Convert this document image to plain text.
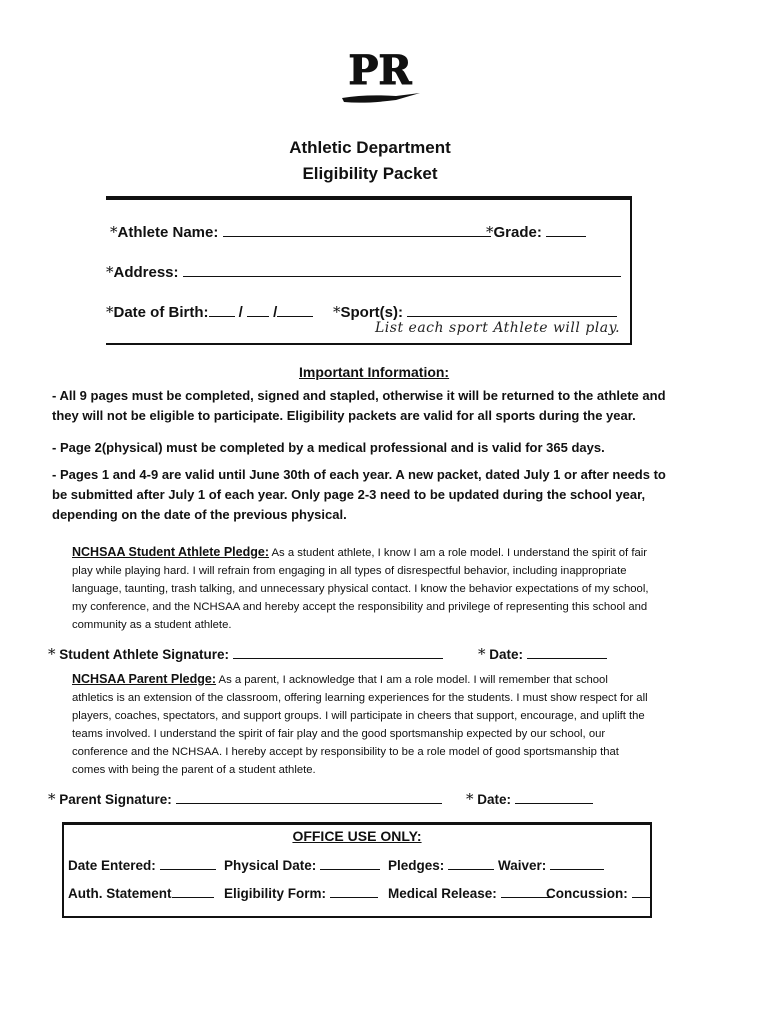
PR
Athletic Department
Eligibility Packet
*Athlete Name:	*Grade:
*Address:
*Date of Birth: /  /	*Sport(s):
List each sport Athlete will play.
Important Information:
- All 9 pages must be completed, signed and stapled, otherwise it will be returned to the athlete and they will not be eligible to participate. Eligibility packets are valid for all sports during the year.
- Page 2(physical) must be completed by a medical professional and is valid for 365 days.
- Pages 1 and 4-9 are valid until June 30th of each year. A new packet, dated July 1 or after needs to be submitted after July 1 of each year. Only page 2-3 need to be updated during the school year, depending on the date of the previous physical.
NCHSAA Student Athlete Pledge: As a student athlete, I know I am a role model. I understand the spirit of fair play while playing hard. I will refrain from engaging in all types of disrespectful behavior, including inappropriate language, taunting, trash talking, and unnecessary physical contact. I know the behavior expectations of my school, my conference, and the NCHSAA and hereby accept the responsibility and privilege of representing this school and community as a student athlete.
* Student Athlete Signature:	* Date:
NCHSAA Parent Pledge: As a parent, I acknowledge that I am a role model. I will remember that school athletics is an extension of the classroom, offering learning experiences for the students. I must show respect for all players, coaches, spectators, and support groups. I will participate in cheers that support, encourage, and uplift the teams involved. I understand the spirit of fair play and the good sportsmanship expected by our school, our conference and the NCHSAA. I hereby accept by responsibility to be a role model of good sportsmanship that comes with being the parent of a student athlete.
* Parent Signature:	* Date:
OFFICE USE ONLY:
Date Entered:	Physical Date:	Pledges:	Waiver:
Auth. Statement	Eligibility Form:	Medical Release:	Concussion:
